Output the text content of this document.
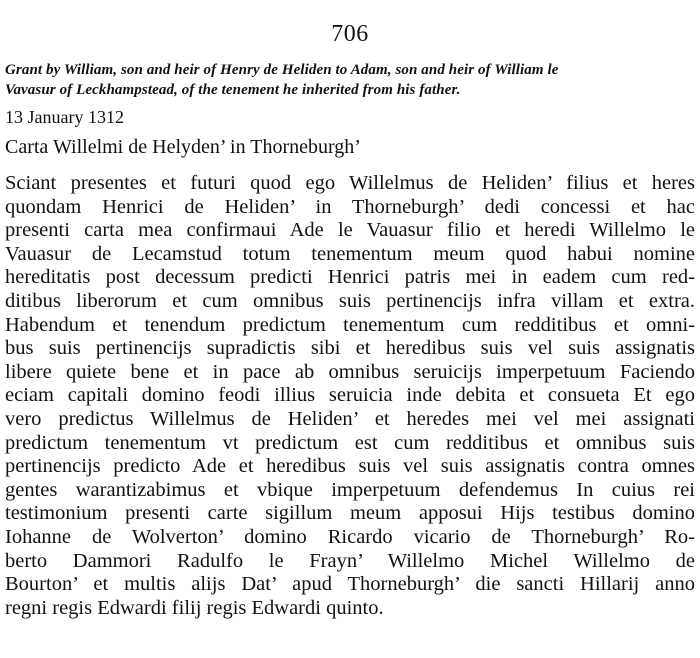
706
Grant by William, son and heir of Henry de Heliden to Adam, son and heir of William le
Vavasur of Leckhampstead, of the tenement he inherited from his father.
13 January 1312
Carta Willelmi de Helyden’ in Thorneburgh’
Sciant presentes et futuri quod ego Willelmus de Heliden’ filius et heres
quondam Henrici de Heliden’ in Thorneburgh’ dedi concessi et hac
presenti carta mea confirmaui Ade le Vauasur filio et heredi Willelmo le
Vauasur de Lecamstud totum tenementum meum quod habui nomine
hereditatis post decessum predicti Henrici patris mei in eadem cum red-
ditibus liberorum et cum omnibus suis pertinencijs infra villam et extra.
Habendum et tenendum predictum tenementum cum redditibus et omni-
bus suis pertinencijs supradictis sibi et heredibus suis vel suis assignatis
libere quiete bene et in pace ab omnibus seruicijs imperpetuum Faciendo
eciam capitali domino feodi illius seruicia inde debita et consueta Et ego
vero predictus Willelmus de Heliden’ et heredes mei vel mei assignati
predictum tenementum vt predictum est cum redditibus et omnibus suis
pertinencijs predicto Ade et heredibus suis vel suis assignatis contra omnes
gentes warantizabimus et vbique imperpetuum defendemus In cuius rei
testimonium presenti carte sigillum meum apposui Hijs testibus domino
Iohanne de Wolverton’ domino Ricardo vicario de Thorneburgh’ Ro-
berto Dammori Radulfo le Frayn’ Willelmo Michel Willelmo de
Bourton’ et multis alijs Dat’ apud Thorneburgh’ die sancti Hillarij anno
regni regis Edwardi filij regis Edwardi quinto.
